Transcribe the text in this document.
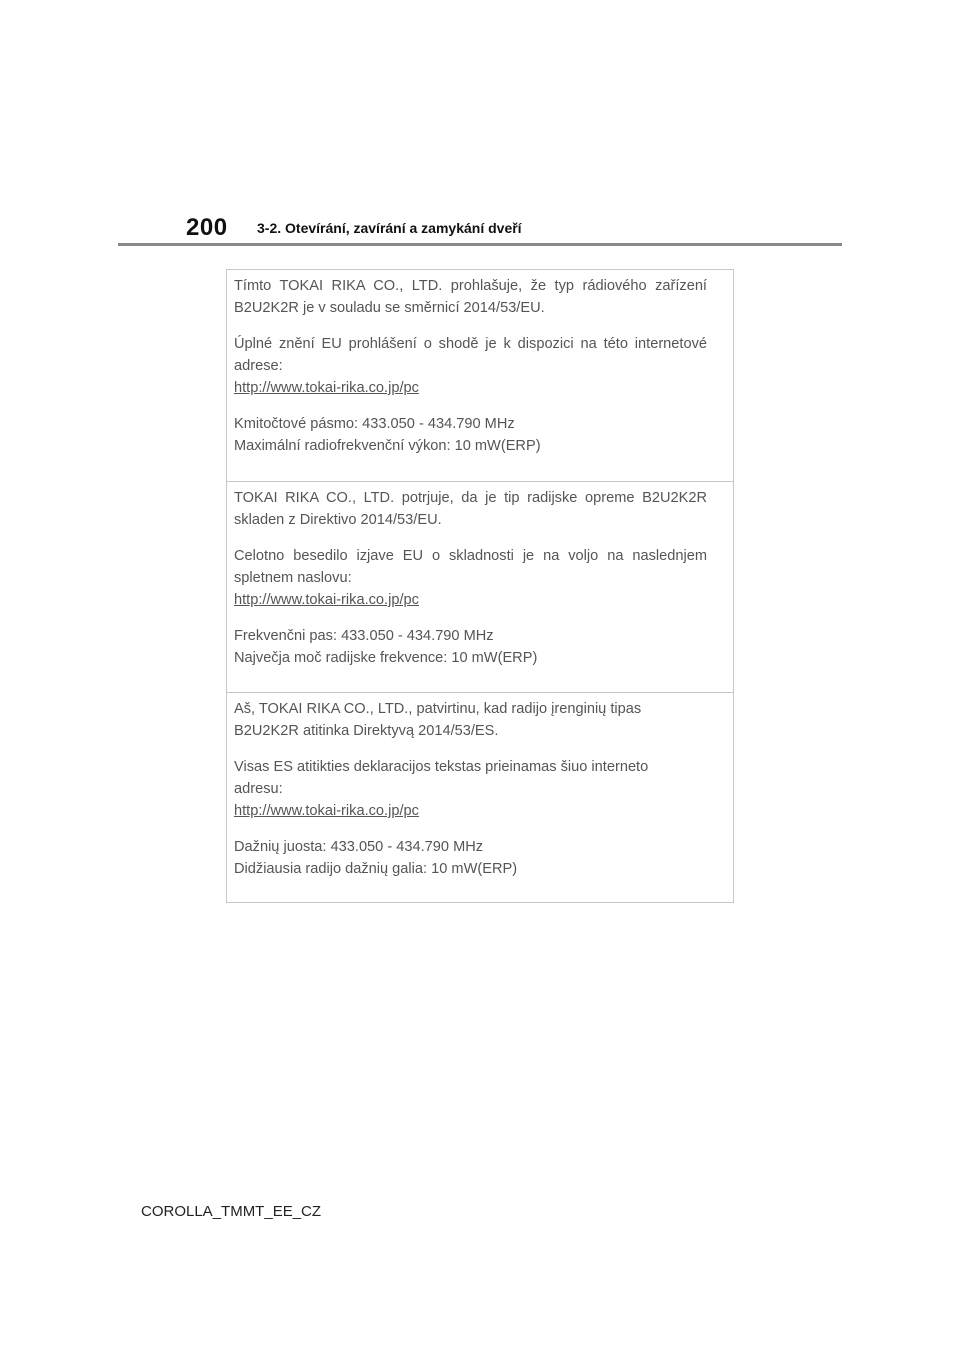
200 3-2. Otevírání, zavírání a zamykání dveří

Tímto TOKAI RIKA CO., LTD. prohlašuje, že typ rádiového zařízení B2U2K2R je v souladu se směrnicí 2014/53/EU.

Úplné znění EU prohlášení o shodě je k dispozici na této internetové adrese:

http://www.tokai-rika.co.jp/pc

Kmitočtové pásmo: 433.050 - 434.790 MHz

Maximální radiofrekvenční výkon: 10 mW(ERP)

TOKAI RIKA CO., LTD. potrjuje, da je tip radijske opreme B2U2K2R skladen z Direktivo 2014/53/EU.

Celotno besedilo izjave EU o skladnosti je na voljo na naslednjem spletnem naslovu:

http://www.tokai-rika.co.jp/pc

Frekvenčni pas: 433.050 - 434.790 MHz

Največja moč radijske frekvence: 10 mW(ERP)

Aš, TOKAI RIKA CO., LTD., patvirtinu, kad radijo įrenginių tipas

B2U2K2R atitinka Direktyvą 2014/53/ES.

Visas ES atitikties deklaracijos tekstas prieinamas šiuo interneto

adresu:

http://www.tokai-rika.co.jp/pc

Dažnių juosta: 433.050 - 434.790 MHz

Didžiausia radijo dažnių galia: 10 mW(ERP)

COROLLA_TMMT_EE_CZ
